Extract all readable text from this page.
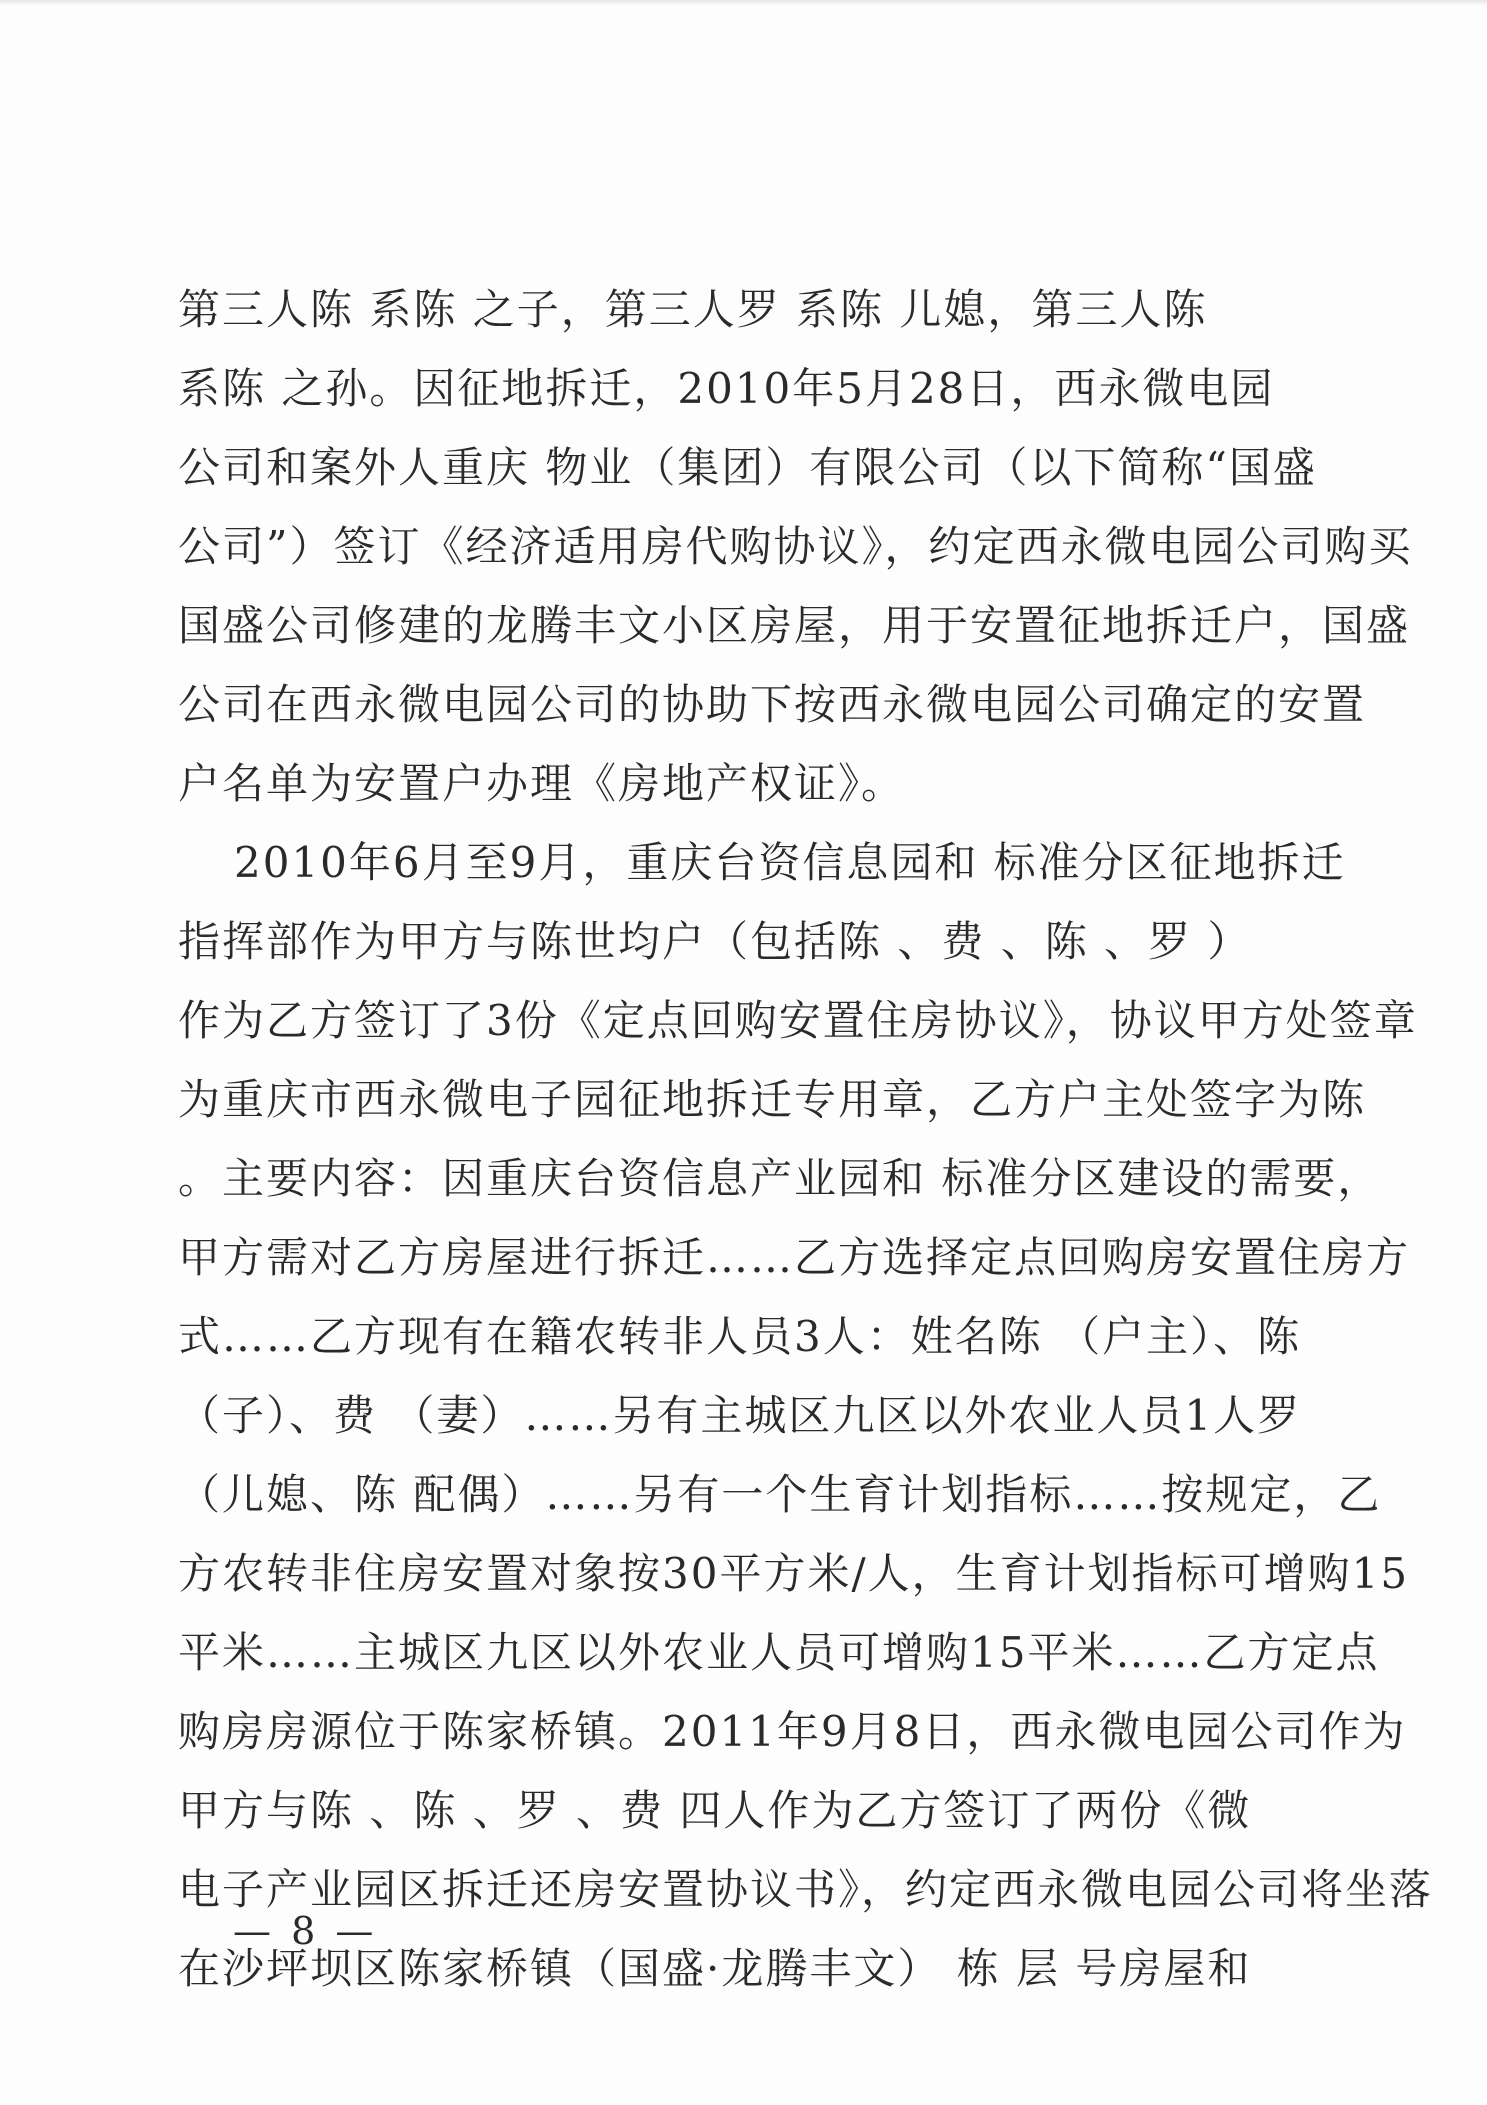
第三人陈 系陈 之子，第三人罗 系陈 儿媳，第三人陈
系陈 之孙。因征地拆迁，2010年5月28日，西永微电园
公司和案外人重庆 物业（集团）有限公司（以下简称“国盛
公司”）签订《经济适用房代购协议》，约定西永微电园公司购买
国盛公司修建的龙腾丰文小区房屋，用于安置征地拆迁户，国盛
公司在西永微电园公司的协助下按西永微电园公司确定的安置
户名单为安置户办理《房地产权证》。
2010年6月至9月，重庆台资信息园和 标准分区征地拆迁
指挥部作为甲方与陈世均户（包括陈 、费 、陈 、罗 ）
作为乙方签订了3份《定点回购安置住房协议》，协议甲方处签章
为重庆市西永微电子园征地拆迁专用章，乙方户主处签字为陈
。主要内容：因重庆台资信息产业园和 标准分区建设的需要，
甲方需对乙方房屋进行拆迁……乙方选择定点回购房安置住房方
式……乙方现有在籍农转非人员3人：姓名陈 （户主）、陈
（子）、费 （妻）……另有主城区九区以外农业人员1人罗
（儿媳、陈 配偶）……另有一个生育计划指标……按规定，乙
方农转非住房安置对象按30平方米/人，生育计划指标可增购15
平米……主城区九区以外农业人员可增购15平米……乙方定点
购房房源位于陈家桥镇。2011年9月8日，西永微电园公司作为
甲方与陈 、陈 、罗 、费 四人作为乙方签订了两份《微
电子产业园区拆迁还房安置协议书》，约定西永微电园公司将坐落
在沙坪坝区陈家桥镇（国盛·龙腾丰文） 栋 层 号房屋和
— 8 —
